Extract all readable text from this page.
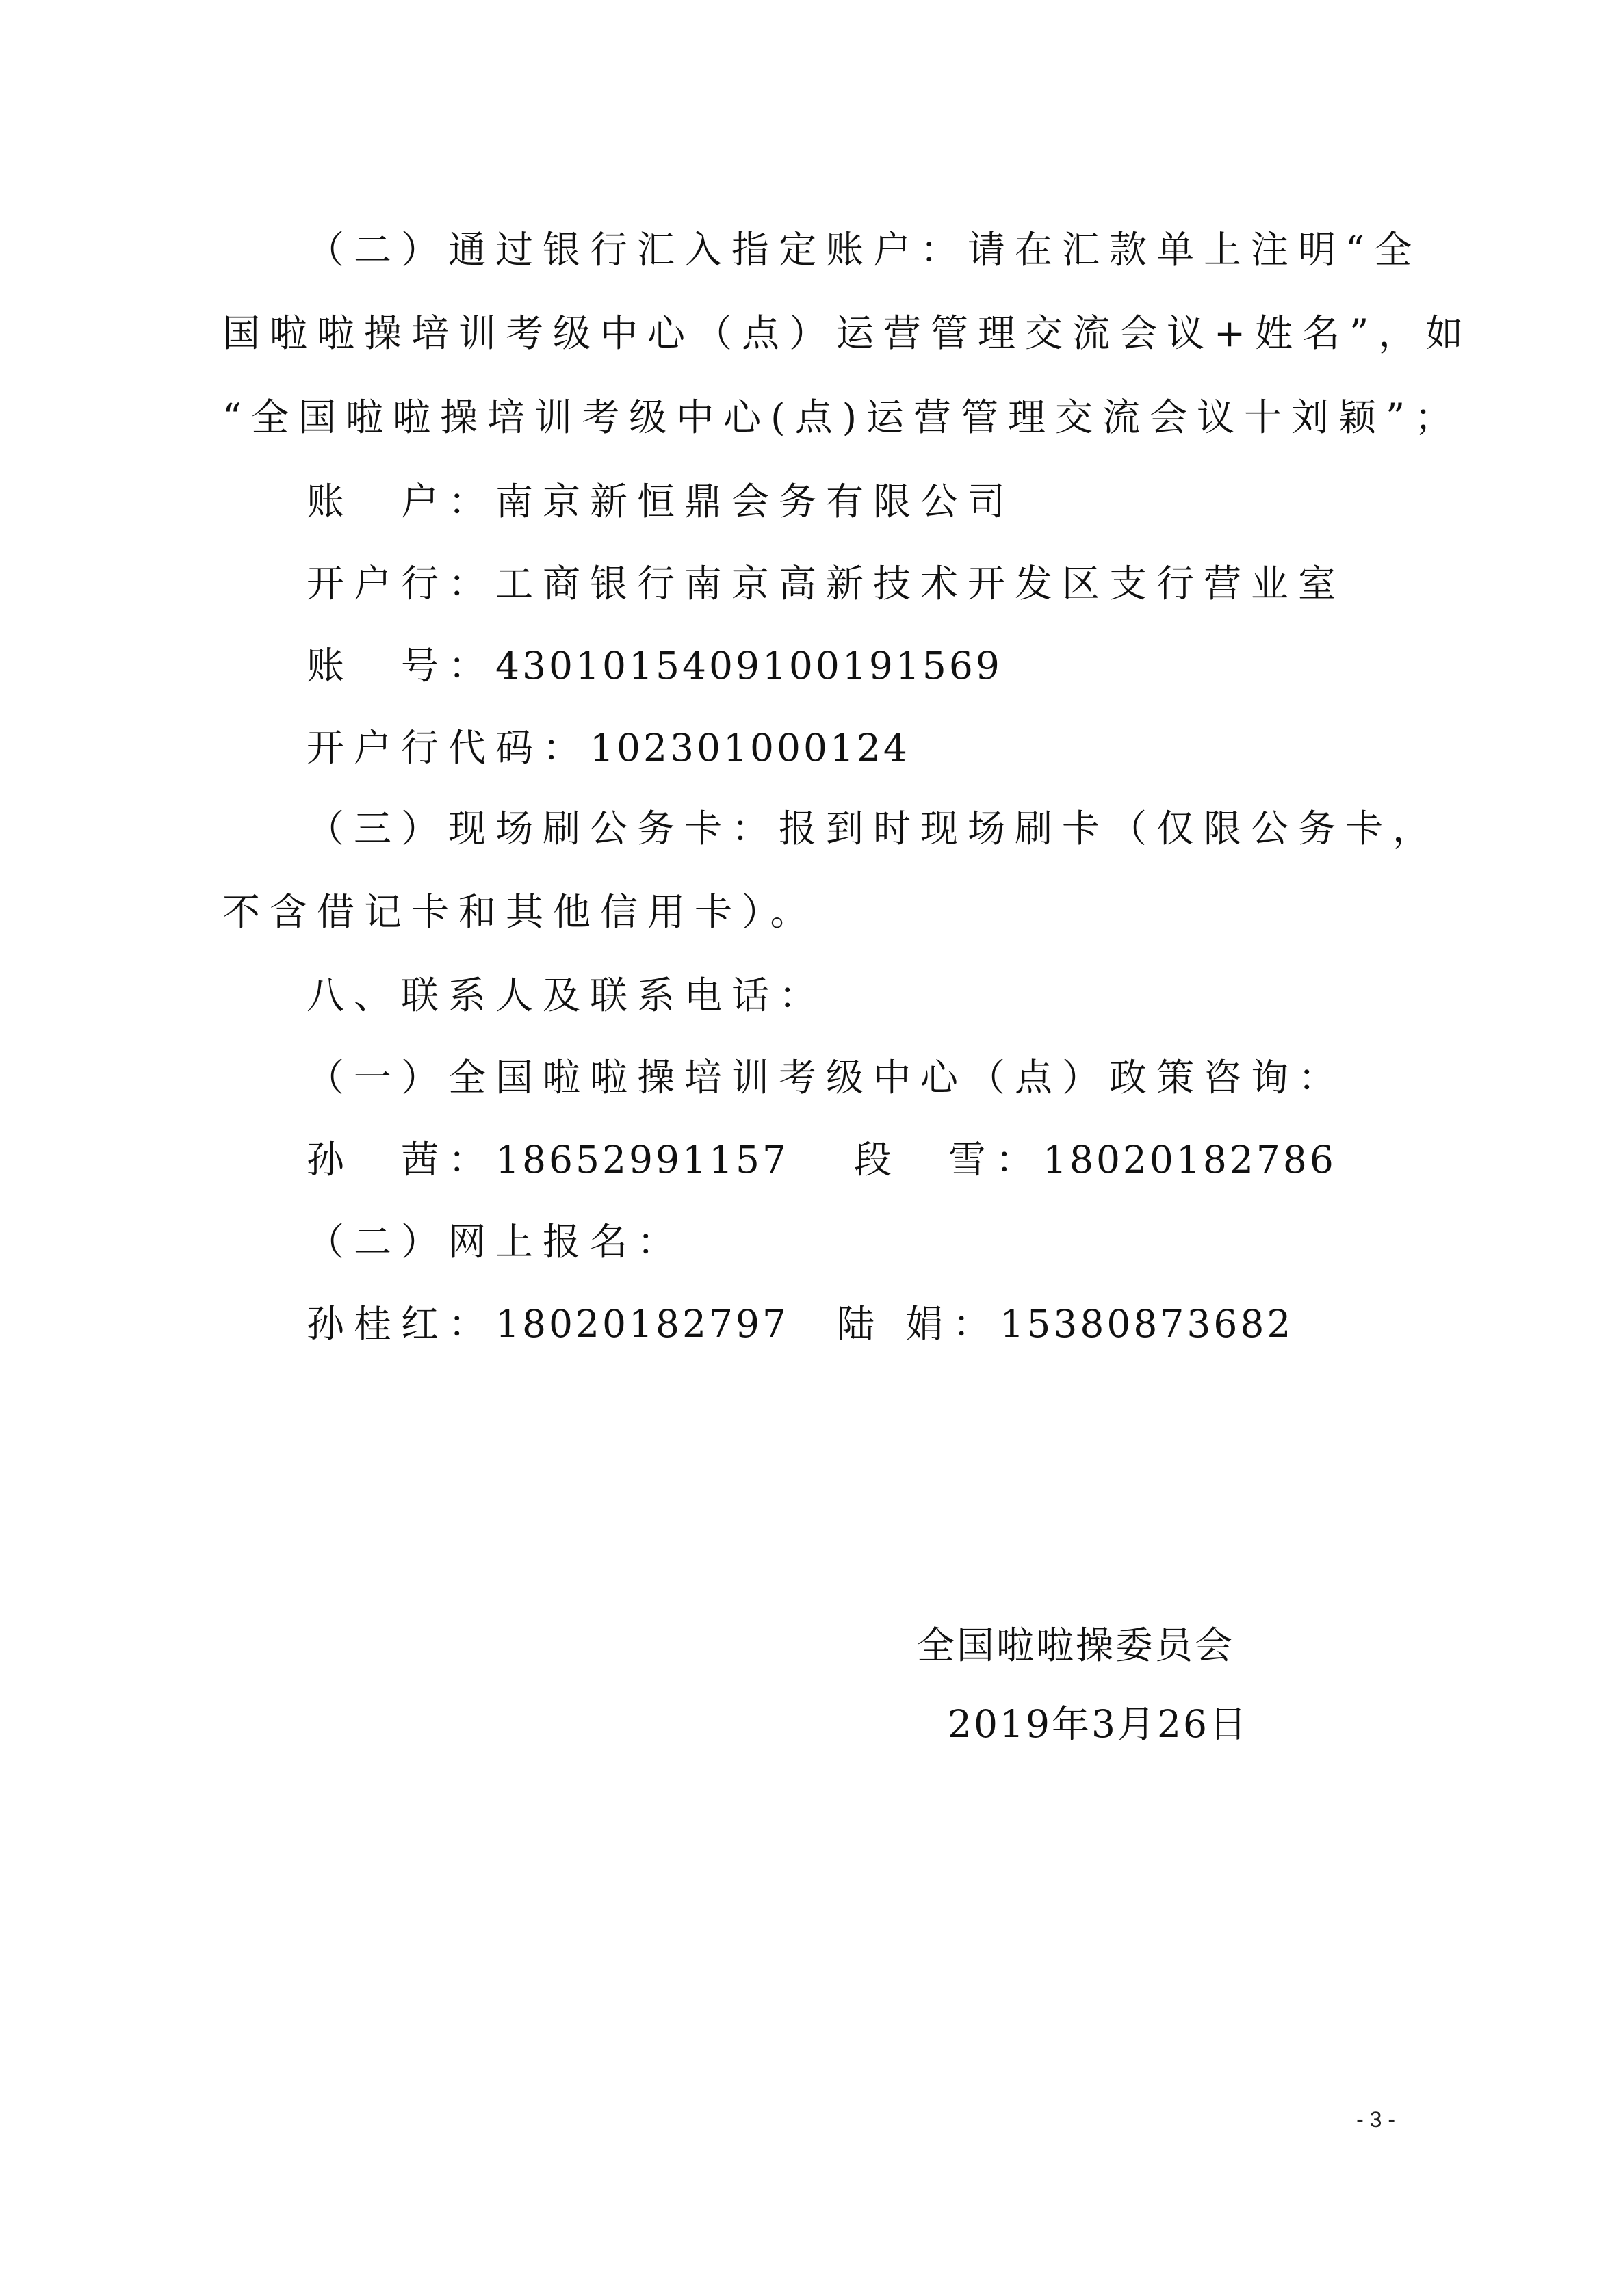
（二）通过银行汇入指定账户：请在汇款单上注明“全
国啦啦操培训考级中心（点）运营管理交流会议+姓名”，如
“全国啦啦操培训考级中心(点)运营管理交流会议十刘颖”；
账　户：南京新恒鼎会务有限公司
开户行：工商银行南京高新技术开发区支行营业室
账　号：4301015409100191569
开户行代码：102301000124
（三）现场刷公务卡：报到时现场刷卡（仅限公务卡，
不含借记卡和其他信用卡）。
八、联系人及联系电话：
（一）全国啦啦操培训考级中心（点）政策咨询：
孙　茜：18652991157 段　雪：18020182786
（二）网上报名：
孙桂红：18020182797 陆 娟：15380873682
全国啦啦操委员会
2019年3月26日
- 3 -
